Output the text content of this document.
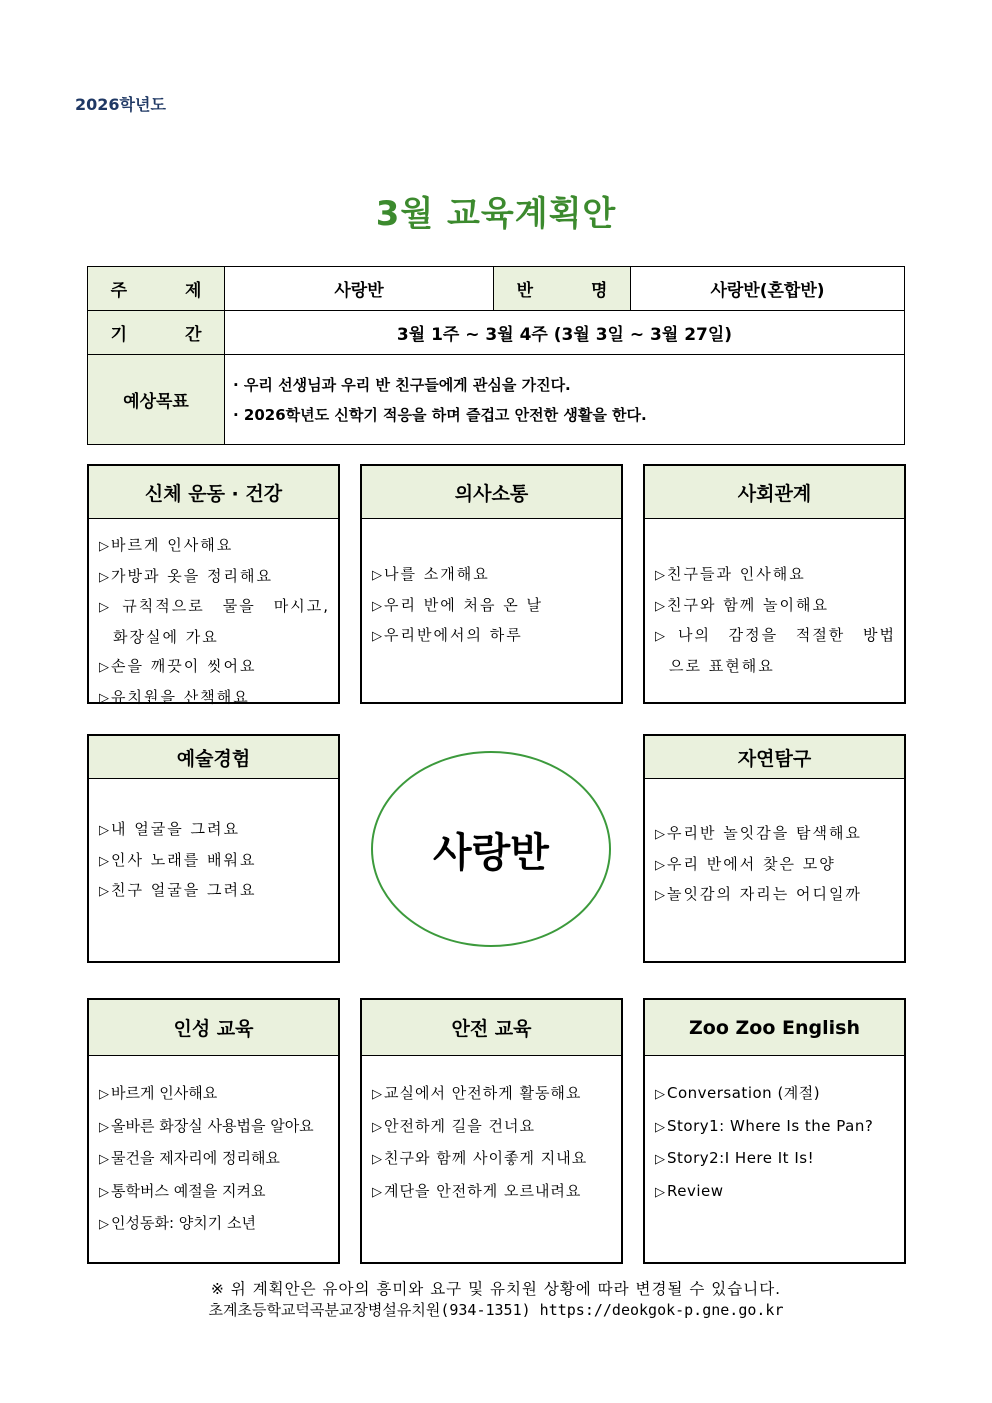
2026학년도
3월 교육계획안
주 제	사랑반	반 명	사랑반(혼합반)
기 간	3월 1주 ~ 3월 4주 (3월 3일 ~ 3월 27일)		
예상목표	· 우리 선생님과 우리 반 친구들에게 관심을 가진다.
· 2026학년도 신학기 적응을 하며 즐겁고 안전한 생활을 한다.		
신체 운동 · 건강
▷ 바르게 인사해요
▷ 가방과 옷을 정리해요
▷ 규칙적으로 물을 마시고,
화장실에 가요
▷ 손을 깨끗이 씻어요
▷ 유치원을 산책해요
의사소통
▷ 나를 소개해요
▷ 우리 반에 처음 온 날
▷ 우리반에서의 하루
사회관계
▷ 친구들과 인사해요
▷ 친구와 함께 놀이해요
▷ 나의 감정을 적절한 방법
으로 표현해요
예술경험
▷ 내 얼굴을 그려요
▷ 인사 노래를 배워요
▷ 친구 얼굴을 그려요
사랑반
자연탐구
▷ 우리반 놀잇감을 탐색해요
▷ 우리 반에서 찾은 모양
▷ 놀잇감의 자리는 어디일까
인성 교육
▷ 바르게 인사해요
▷ 올바른 화장실 사용법을 알아요
▷ 물건을 제자리에 정리해요
▷ 통학버스 예절을 지켜요
▷ 인성동화: 양치기 소년
안전 교육
▷ 교실에서 안전하게 활동해요
▷ 안전하게 길을 건너요
▷ 친구와 함께 사이좋게 지내요
▷ 계단을 안전하게 오르내려요
Zoo Zoo English
▷ Conversation (계절)
▷ Story1: Where Is the Pan?
▷ Story2:I Here It Is!
▷ Review
※ 위 계획안은 유아의 흥미와 요구 및 유치원 상황에 따라 변경될 수 있습니다.
초계초등학교덕곡분교장병설유치원(934-1351) https://deokgok-p.gne.go.kr
